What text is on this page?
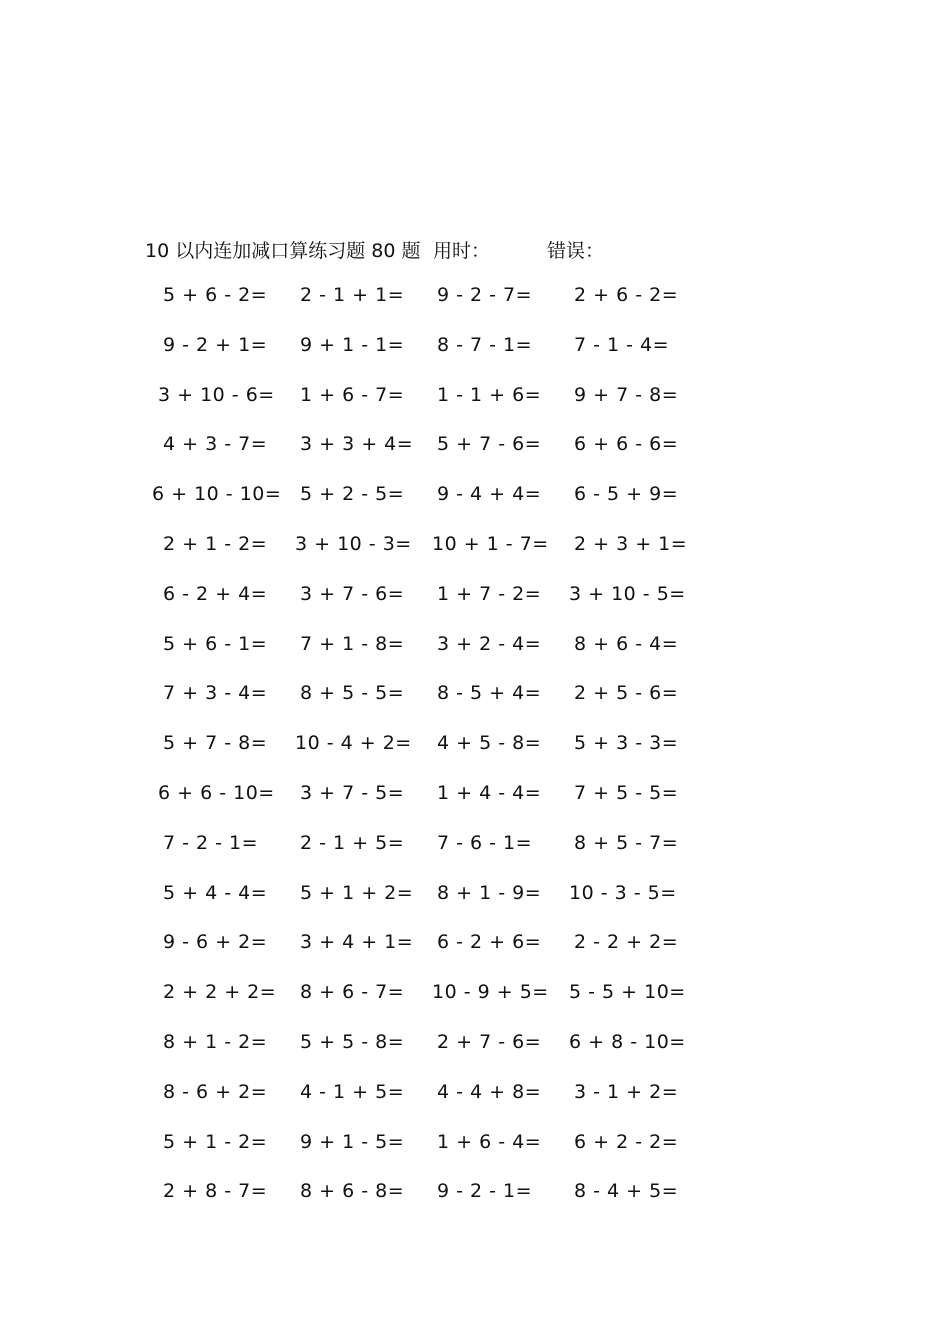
10 以内连加减口算练习题 80 题 用时：	错误：
5 + 6 - 2= 2 - 1 + 1= 9 - 2 - 7= 2 + 6 - 2=
9 - 2 + 1= 9 + 1 - 1= 8 - 7 - 1= 7 - 1 - 4=
3 + 10 - 6= 1 + 6 - 7= 1 - 1 + 6= 9 + 7 - 8=
4 + 3 - 7= 3 + 3 + 4= 5 + 7 - 6= 6 + 6 - 6=
6 + 10 - 10= 5 + 2 - 5= 9 - 4 + 4= 6 - 5 + 9=
2 + 1 - 2= 3 + 10 - 3= 10 + 1 - 7= 2 + 3 + 1=
6 - 2 + 4= 3 + 7 - 6= 1 + 7 - 2= 3 + 10 - 5=
5 + 6 - 1= 7 + 1 - 8= 3 + 2 - 4= 8 + 6 - 4=
7 + 3 - 4= 8 + 5 - 5= 8 - 5 + 4= 2 + 5 - 6=
5 + 7 - 8= 10 - 4 + 2= 4 + 5 - 8= 5 + 3 - 3=
6 + 6 - 10= 3 + 7 - 5= 1 + 4 - 4= 7 + 5 - 5=
7 - 2 - 1= 2 - 1 + 5= 7 - 6 - 1= 8 + 5 - 7=
5 + 4 - 4= 5 + 1 + 2= 8 + 1 - 9= 10 - 3 - 5=
9 - 6 + 2= 3 + 4 + 1= 6 - 2 + 6= 2 - 2 + 2=
2 + 2 + 2= 8 + 6 - 7= 10 - 9 + 5= 5 - 5 + 10=
8 + 1 - 2= 5 + 5 - 8= 2 + 7 - 6= 6 + 8 - 10=
8 - 6 + 2= 4 - 1 + 5= 4 - 4 + 8= 3 - 1 + 2=
5 + 1 - 2= 9 + 1 - 5= 1 + 6 - 4= 6 + 2 - 2=
2 + 8 - 7= 8 + 6 - 8= 9 - 2 - 1= 8 - 4 + 5=
